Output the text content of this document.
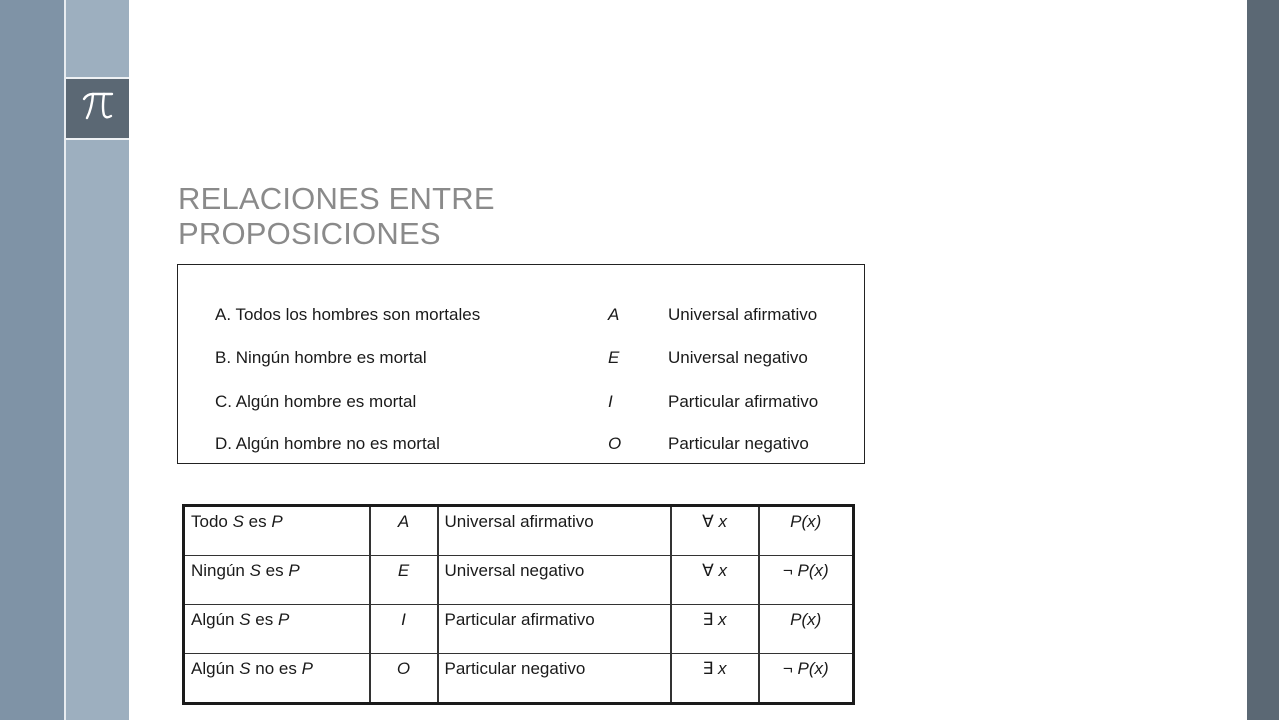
RELACIONES ENTRE
PROPOSICIONES
A. Todos los hombres son mortales	A	Universal afirmativo
B. Ningún hombre es mortal	E	Universal negativo
C. Algún hombre es mortal	I	Particular afirmativo
D. Algún hombre no es mortal	O	Particular negativo
Todo S es P	A	Universal afirmativo	∀ x	P(x)
Ningún S es P	E	Universal negativo	∀ x	¬ P(x)
Algún S es P	I	Particular afirmativo	∃ x	P(x)
Algún S no es P	O	Particular negativo	∃ x	¬ P(x)
